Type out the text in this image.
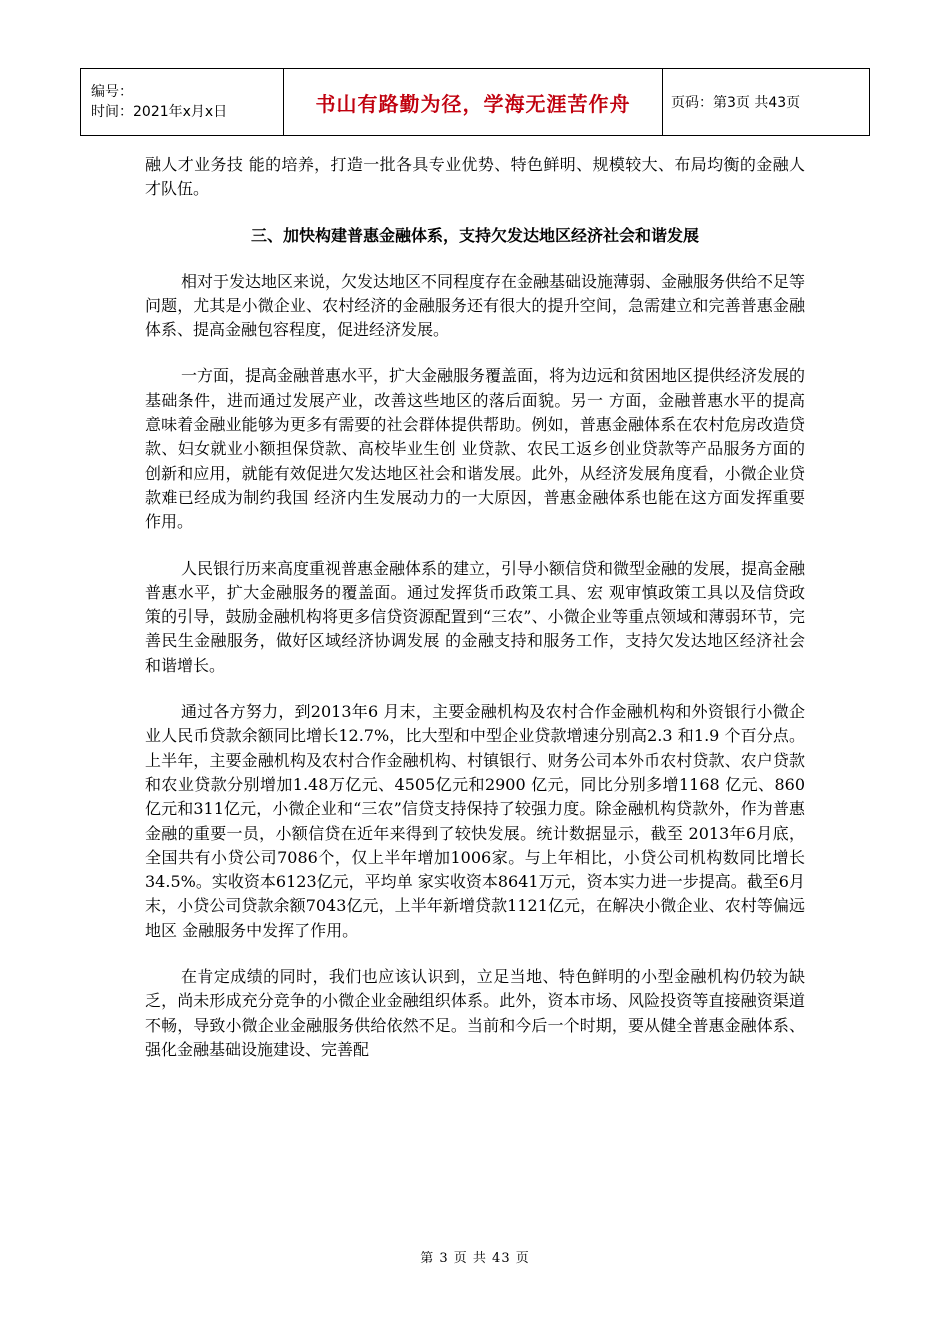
编号：
时间：2021年x月x日	书山有路勤为径，学海无涯苦作舟	页码：第3页 共43页

融人才业务技 能的培养，打造一批各具专业优势、特色鲜明、规模较大、布局均衡的金融人才队伍。

三、加快构建普惠金融体系，支持欠发达地区经济社会和谐发展

相对于发达地区来说，欠发达地区不同程度存在金融基础设施薄弱、金融服务供给不足等问题，尤其是小微企业、农村经济的金融服务还有很大的提升空间，急需建立和完善普惠金融体系、提高金融包容程度，促进经济发展。

一方面，提高金融普惠水平，扩大金融服务覆盖面，将为边远和贫困地区提供经济发展的基础条件，进而通过发展产业，改善这些地区的落后面貌。另一 方面，金融普惠水平的提高意味着金融业能够为更多有需要的社会群体提供帮助。例如，普惠金融体系在农村危房改造贷款、妇女就业小额担保贷款、高校毕业生创 业贷款、农民工返乡创业贷款等产品服务方面的创新和应用，就能有效促进欠发达地区社会和谐发展。此外，从经济发展角度看，小微企业贷款难已经成为制约我国 经济内生发展动力的一大原因，普惠金融体系也能在这方面发挥重要作用。

人民银行历来高度重视普惠金融体系的建立，引导小额信贷和微型金融的发展，提高金融普惠水平，扩大金融服务的覆盖面。通过发挥货币政策工具、宏 观审慎政策工具以及信贷政策的引导，鼓励金融机构将更多信贷资源配置到“三农”、小微企业等重点领域和薄弱环节，完善民生金融服务，做好区域经济协调发展 的金融支持和服务工作，支持欠发达地区经济社会和谐增长。

通过各方努力，到2013年6 月末，主要金融机构及农村合作金融机构和外资银行小微企业人民币贷款余额同比增长12.7%，比大型和中型企业贷款增速分别高2.3 和1.9 个百分点。上半年，主要金融机构及农村合作金融机构、村镇银行、财务公司本外币农村贷款、农户贷款和农业贷款分别增加1.48万亿元、4505亿元和2900 亿元，同比分别多增1168 亿元、860 亿元和311亿元，小微企业和“三农”信贷支持保持了较强力度。除金融机构贷款外，作为普惠金融的重要一员，小额信贷在近年来得到了较快发展。统计数据显示，截至 2013年6月底，全国共有小贷公司7086个，仅上半年增加1006家。与上年相比，小贷公司机构数同比增长34.5%。实收资本6123亿元，平均单 家实收资本8641万元，资本实力进一步提高。截至6月末，小贷公司贷款余额7043亿元，上半年新增贷款1121亿元，在解决小微企业、农村等偏远地区 金融服务中发挥了作用。

在肯定成绩的同时，我们也应该认识到，立足当地、特色鲜明的小型金融机构仍较为缺乏，尚未形成充分竞争的小微企业金融组织体系。此外，资本市场、风险投资等直接融资渠道不畅，导致小微企业金融服务供给依然不足。当前和今后一个时期，要从健全普惠金融体系、强化金融基础设施建设、完善配

第 3 页 共 43 页
